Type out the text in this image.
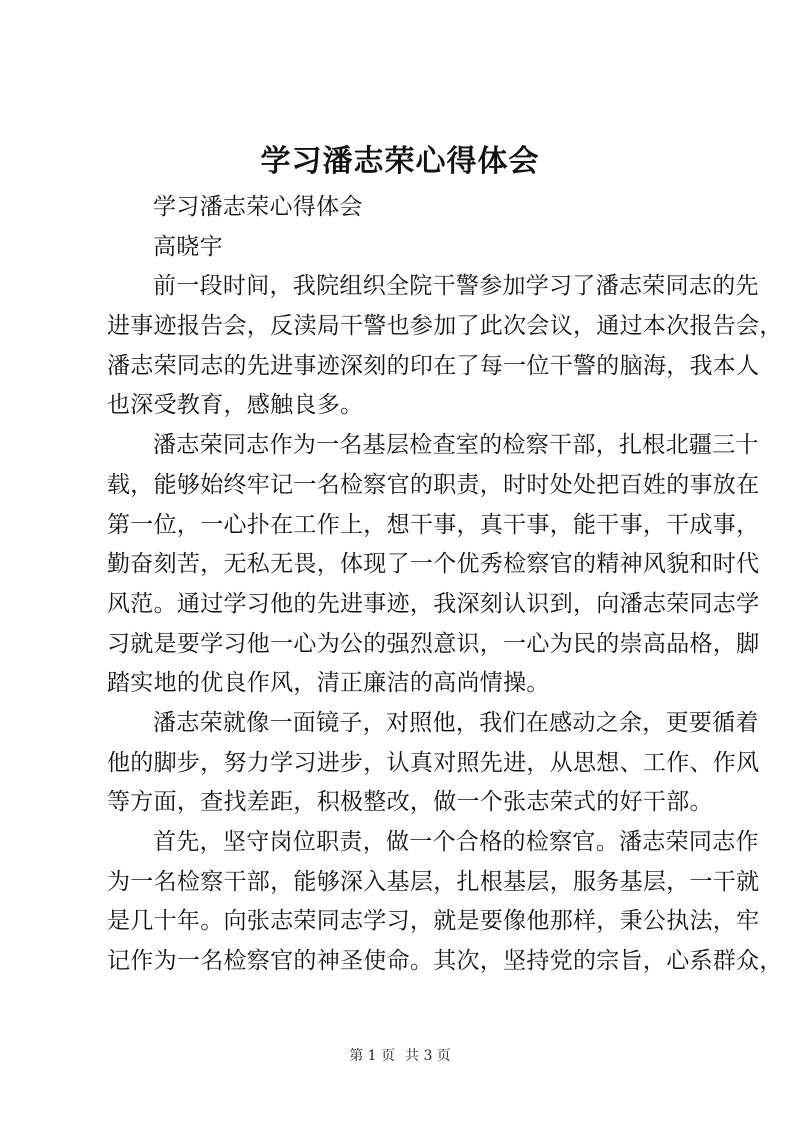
学习潘志荣心得体会
学习潘志荣心得体会
高晓宇
前一段时间，我院组织全院干警参加学习了潘志荣同志的先
进事迹报告会，反渎局干警也参加了此次会议，通过本次报告会，
潘志荣同志的先进事迹深刻的印在了每一位干警的脑海，我本人
也深受教育，感触良多。
潘志荣同志作为一名基层检查室的检察干部，扎根北疆三十
载，能够始终牢记一名检察官的职责，时时处处把百姓的事放在
第一位，一心扑在工作上，想干事，真干事，能干事，干成事，
勤奋刻苦，无私无畏，体现了一个优秀检察官的精神风貌和时代
风范。通过学习他的先进事迹，我深刻认识到，向潘志荣同志学
习就是要学习他一心为公的强烈意识，一心为民的崇高品格，脚
踏实地的优良作风，清正廉洁的高尚情操。
潘志荣就像一面镜子，对照他，我们在感动之余，更要循着
他的脚步，努力学习进步，认真对照先进，从思想、工作、作风
等方面，查找差距，积极整改，做一个张志荣式的好干部。
首先，坚守岗位职责，做一个合格的检察官。潘志荣同志作
为一名检察干部，能够深入基层，扎根基层，服务基层，一干就
是几十年。向张志荣同志学习，就是要像他那样，秉公执法，牢
记作为一名检察官的神圣使命。其次，坚持党的宗旨，心系群众，
第 1 页 共 3 页
